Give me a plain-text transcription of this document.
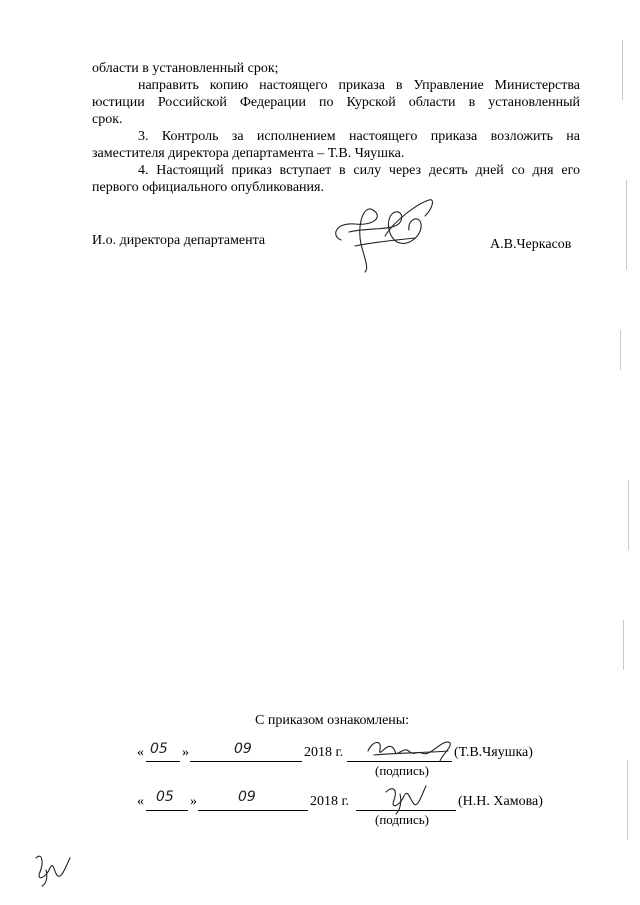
области в установленный срок;
направить копию настоящего приказа в Управление Министерства
юстиции Российской Федерации по Курской области в установленный
срок.
3. Контроль за исполнением настоящего приказа возложить на
заместителя директора департамента – Т.В. Чяушка.
4. Настоящий приказ вступает в силу через десять дней со дня его
первого официального опубликования.
И.о. директора департамента	А.В.Черкасов
С приказом ознакомлены:
« 05 »	09	2018 г.	(Т.В.Чяушка)
(подпись)
« 05 »	09	2018 г.	(Н.Н. Хамова)
(подпись)
